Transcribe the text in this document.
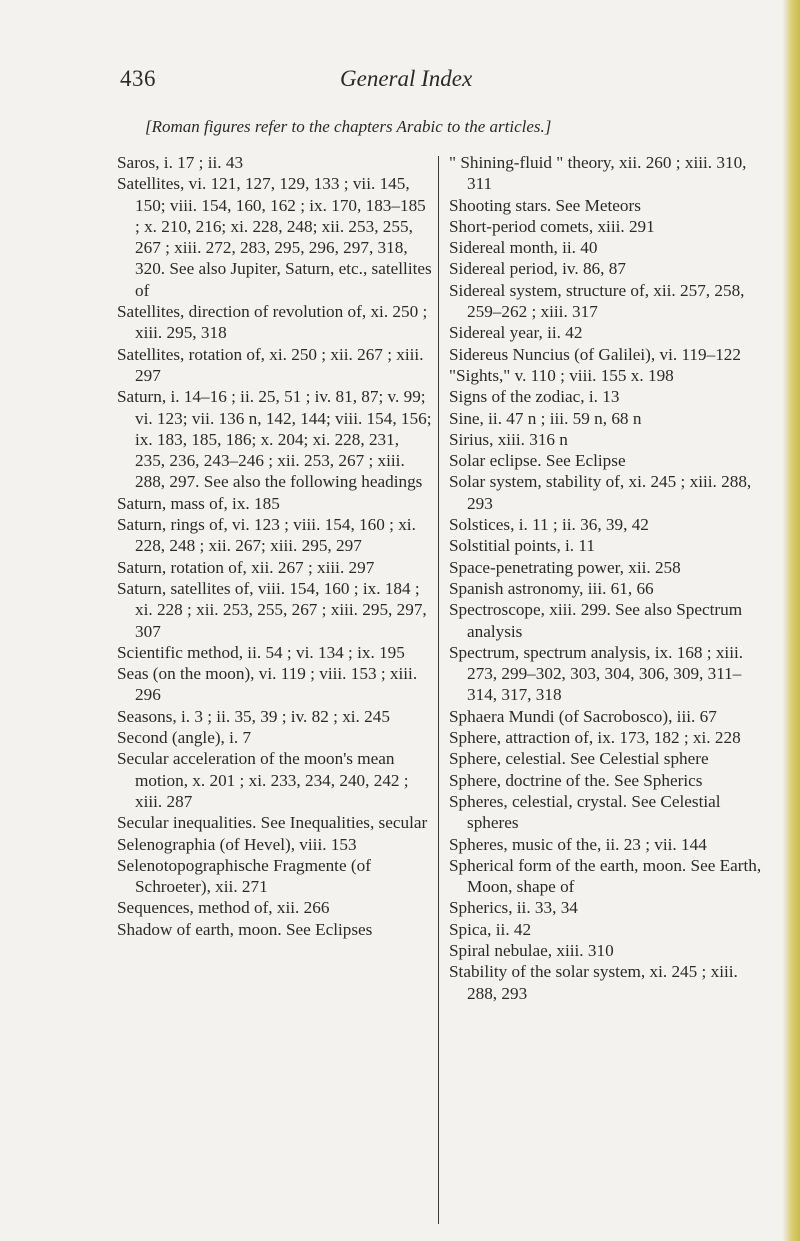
436	General Index
[Roman figures refer to the chapters Arabic to the articles.]
Saros, i. 17 ; ii. 43
Satellites, vi. 121, 127, 129, 133 ; vii. 145, 150; viii. 154, 160, 162 ; ix. 170, 183–185 ; x. 210, 216; xi. 228, 248; xii. 253, 255, 267 ; xiii. 272, 283, 295, 296, 297, 318, 320. See also Jupiter, Saturn, etc., satellites of
Satellites, direction of revolution of, xi. 250 ; xiii. 295, 318
Satellites, rotation of, xi. 250 ; xii. 267 ; xiii. 297
Saturn, i. 14–16 ; ii. 25, 51 ; iv. 81, 87; v. 99; vi. 123; vii. 136 n, 142, 144; viii. 154, 156; ix. 183, 185, 186; x. 204; xi. 228, 231, 235, 236, 243–246 ; xii. 253, 267 ; xiii. 288, 297. See also the following headings
Saturn, mass of, ix. 185
Saturn, rings of, vi. 123 ; viii. 154, 160 ; xi. 228, 248 ; xii. 267; xiii. 295, 297
Saturn, rotation of, xii. 267 ; xiii. 297
Saturn, satellites of, viii. 154, 160 ; ix. 184 ; xi. 228 ; xii. 253, 255, 267 ; xiii. 295, 297, 307
Scientific method, ii. 54 ; vi. 134 ; ix. 195
Seas (on the moon), vi. 119 ; viii. 153 ; xiii. 296
Seasons, i. 3 ; ii. 35, 39 ; iv. 82 ; xi. 245
Second (angle), i. 7
Secular acceleration of the moon's mean motion, x. 201 ; xi. 233, 234, 240, 242 ; xiii. 287
Secular inequalities. See Inequalities, secular
Selenographia (of Hevel), viii. 153
Selenotopographische Fragmente (of Schroeter), xii. 271
Sequences, method of, xii. 266
Shadow of earth, moon. See Eclipses
" Shining-fluid " theory, xii. 260 ; xiii. 310, 311
Shooting stars. See Meteors
Short-period comets, xiii. 291
Sidereal month, ii. 40
Sidereal period, iv. 86, 87
Sidereal system, structure of, xii. 257, 258, 259–262 ; xiii. 317
Sidereal year, ii. 42
Sidereus Nuncius (of Galilei), vi. 119–122
"Sights," v. 110 ; viii. 155 x. 198
Signs of the zodiac, i. 13
Sine, ii. 47 n ; iii. 59 n, 68 n
Sirius, xiii. 316 n
Solar eclipse. See Eclipse
Solar system, stability of, xi. 245 ; xiii. 288, 293
Solstices, i. 11 ; ii. 36, 39, 42
Solstitial points, i. 11
Space-penetrating power, xii. 258
Spanish astronomy, iii. 61, 66
Spectroscope, xiii. 299. See also Spectrum analysis
Spectrum, spectrum analysis, ix. 168 ; xiii. 273, 299–302, 303, 304, 306, 309, 311–314, 317, 318
Sphaera Mundi (of Sacrobosco), iii. 67
Sphere, attraction of, ix. 173, 182 ; xi. 228
Sphere, celestial. See Celestial sphere
Sphere, doctrine of the. See Spherics
Spheres, celestial, crystal. See Celestial spheres
Spheres, music of the, ii. 23 ; vii. 144
Spherical form of the earth, moon. See Earth, Moon, shape of
Spherics, ii. 33, 34
Spica, ii. 42
Spiral nebulae, xiii. 310
Stability of the solar system, xi. 245 ; xiii. 288, 293
